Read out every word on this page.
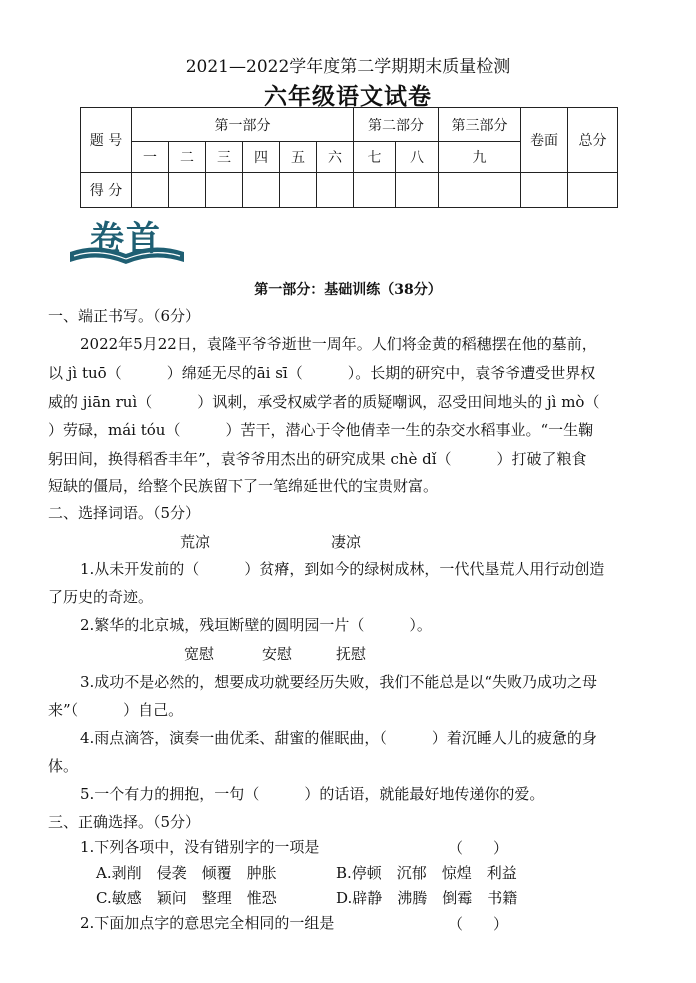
2021—2022学年度第二学期期末质量检测
六年级语文试卷
题 号	第一部分						第二部分		第三部分	卷面	总分
	一	二	三	四	五	六	七	八	九		
得 分											
卷首
第一部分：基础训练（38分）
一、端正书写。（6分）
2022年5月22日，袁隆平爷爷逝世一周年。人们将金黄的稻穗摆在他的墓前，
以 jì tuō（　　　）绵延无尽的āi sī（　　　）。长期的研究中，袁爷爷遭受世界权
威的 jiān ruì（　　　）讽刺，承受权威学者的质疑嘲讽，忍受田间地头的 jì mò（
）劳碌，mái tóu（　　　）苦干，潜心于令他倩幸一生的杂交水稻事业。“一生鞠
躬田间，换得稻香丰年”，袁爷爷用杰出的研究成果 chè dǐ（　　　）打破了粮食
短缺的僵局，给整个民族留下了一笔绵延世代的宝贵财富。
二、选择词语。（5分）
荒凉	凄凉
1.从未开发前的（　　　）贫瘠，到如今的绿树成林，一代代垦荒人用行动创造
了历史的奇迹。
2.繁华的北京城，残垣断壁的圆明园一片（　　　）。
宽慰	安慰	抚慰
3.成功不是必然的，想要成功就要经历失败，我们不能总是以“失败乃成功之母
来”（　　　）自己。
4.雨点滴答，演奏一曲优柔、甜蜜的催眠曲，（　　　）着沉睡人儿的疲惫的身
体。
5.一个有力的拥抱，一句（　　　）的话语，就能最好地传递你的爱。
三、正确选择。（5分）
1.下列各项中，没有错别字的一项是	（　　）
A.剥削　侵袭　倾覆　肿胀	B.停顿　沉郁　惊煌　利益
C.敏感　颖问　整理　惟恐	D.辟静　沸腾　倒霉　书籍
2.下面加点字的意思完全相同的一组是	（　　）
